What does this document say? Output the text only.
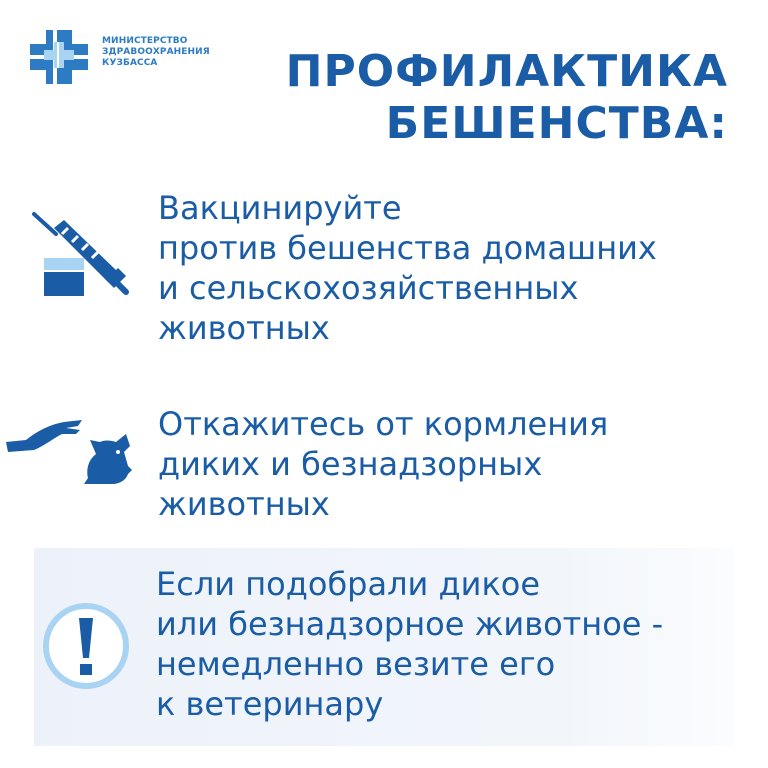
МИНИСТЕРСТВО
ЗДРАВООХРАНЕНИЯ
КУЗБАССА	ПРОФИЛАКТИКА
БЕШЕНСТВА:
Вакцинируйте
против бешенства домашних
и сельскохозяйственных
животных
Откажитесь от кормления
диких и безнадзорных
животных
Если подобрали дикое
или безнадзорное животное -
немедленно везите его
к ветеринару
